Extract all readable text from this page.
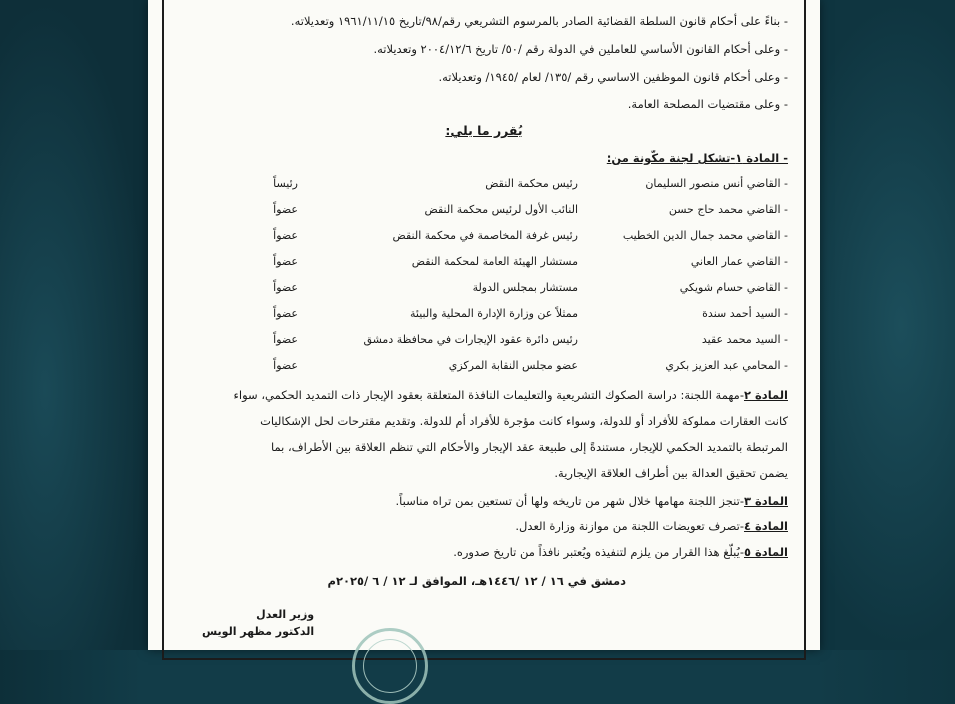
- بناءً على أحكام قانون السلطة القضائية الصادر بالمرسوم التشريعي رقم/٩٨/تاريخ ١٩٦١/١١/١٥ وتعديلاته.
- وعلى أحكام القانون الأساسي للعاملين في الدولة رقم /٥٠/ تاريخ ٢٠٠٤/١٢/٦ وتعديلاته.
- وعلى أحكام قانون الموظفين الاساسي رقم /١٣٥/ لعام /١٩٤٥/ وتعديلاته.
- وعلى مقتضيات المصلحة العامة.
يُقرر ما يلي:
- المادة ١-تشكل لجنة مكّونة من:
- القاضي أنس منصور السليمان
رئيس محكمة النقض
رئيساً
- القاضي محمد حاج حسن
النائب الأول لرئيس محكمة النقض
عضواً
- القاضي محمد جمال الدين الخطيب
رئيس غرفة المخاصمة في محكمة النقض
عضواً
- القاضي عمار العاني
مستشار الهيئة العامة لمحكمة النقض
عضواً
- القاضي حسام شويكي
مستشار بمجلس الدولة
عضواً
- السيد أحمد سندة
ممثلاً عن وزارة الإدارة المحلية والبيئة
عضواً
- السيد محمد عقيد
رئيس دائرة عقود الإيجارات في محافظة دمشق
عضواً
- المحامي عبد العزيز بكري
عضو مجلس النقابة المركزي
عضواً
المادة ٢-مهمة اللجنة: دراسة الصكوك التشريعية والتعليمات النافذة المتعلقة بعقود الإيجار ذات التمديد الحكمي، سواء
كانت العقارات مملوكة للأفراد أو للدولة، وسواء كانت مؤجرة للأفراد أم للدولة. وتقديم مقترحات لحل الإشكاليات
المرتبطة بالتمديد الحكمي للإيجار، مستندةً إلى طبيعة عقد الإيجار والأحكام التي تنظم العلاقة بين الأطراف، بما
يضمن تحقيق العدالة بين أطراف العلاقة الإيجارية.
المادة ٣-تنجز اللجنة مهامها خلال شهر من تاريخه ولها أن تستعين بمن تراه مناسباً.
المادة ٤-تصرف تعويضات اللجنة من موازنة وزارة العدل.
المادة ٥-يُبلّغ هذا القرار من يلزم لتنفيذه ويُعتبر نافذاً من تاريخ صدوره.
دمشق في ١٦ / ١٢ /١٤٤٦هـ، الموافق لـ ١٢ / ٦ /٢٠٢٥م
وزير العدل
الدكتور مظهر الويس
